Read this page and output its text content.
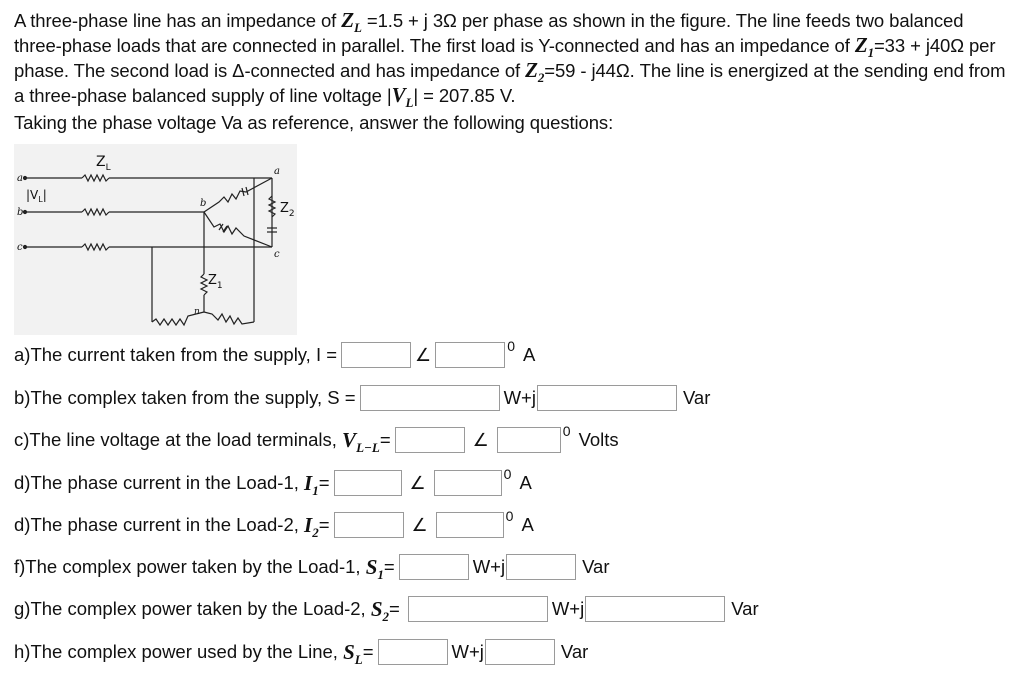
A three-phase line has an impedance of $Z_L =1.5 + j$ 3Ω per phase as shown in the figure. The line feeds two balanced three-phase loads that are connected in parallel. The first load is Y-connected and has an impedance of $Z_1=33 + j40\Omega$ per phase. The second load is Δ-connected and has impedance of $Z_2=59 - j44\Omega$. The line is energized at the sending end from a three-phase balanced supply of line voltage $|V_L| = 207.85$ V.

Taking the phase voltage Va as reference, answer the following questions:

$Z_L$
$|V_L|$
a
b
c
a
b
c
n
$Z_1$
$Z_2$
a)The current taken from the supply, I =	∠	0 A
b)The complex taken from the supply, S =	W+j	Var
c)The line voltage at the load terminals,
$V_{L-L}$ =	∠	0 Volts
d)The phase current in the Load-1,
$I_1$ =	∠	0 A
d)The phase current in the Load-2,
$I_2$ =	∠	0 A
f)The complex power taken by the Load-1,
$S_1$ =	W+j	Var
g)The complex power taken by the Load-2,
$S_2$ =	W+j	Var
h)The complex power used by the Line,
$S_L$ =	W+j	Var
